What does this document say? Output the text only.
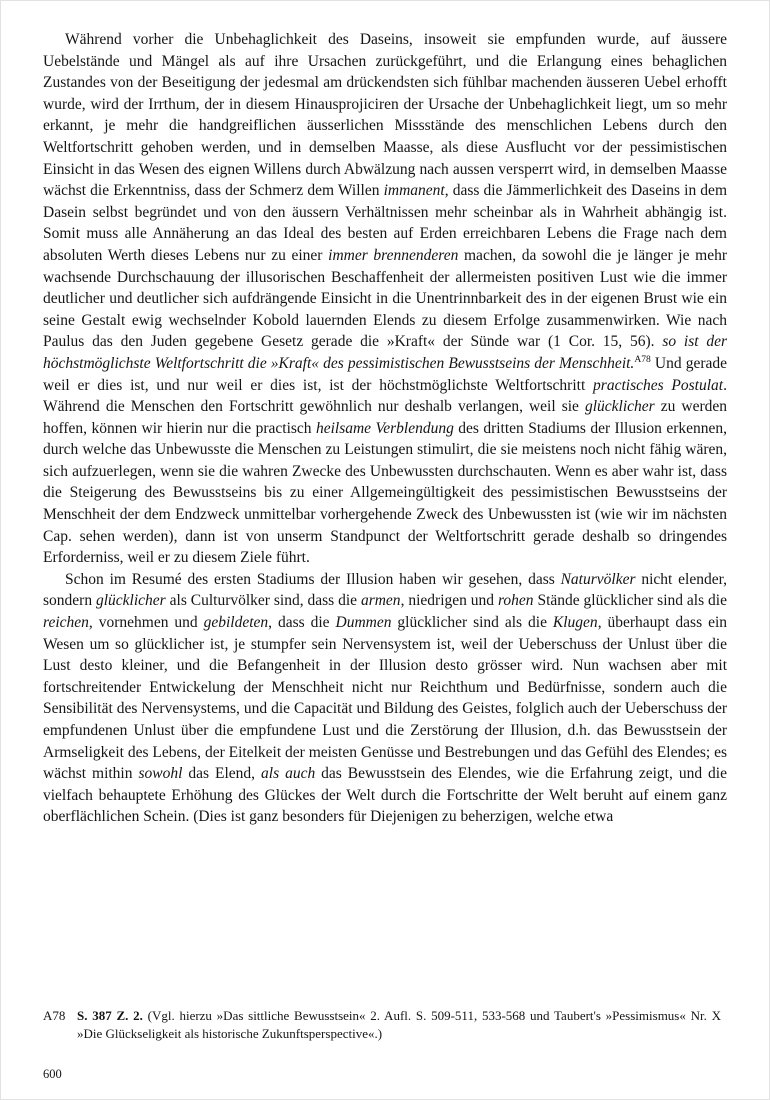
Während vorher die Unbehaglichkeit des Daseins, insoweit sie empfunden wurde, auf äussere Uebelstände und Mängel als auf ihre Ursachen zurückgeführt, und die Erlangung eines behaglichen Zustandes von der Beseitigung der jedesmal am drückendsten sich fühlbar machenden äusseren Uebel erhofft wurde, wird der Irrthum, der in diesem Hinausprojiciren der Ursache der Unbehaglichkeit liegt, um so mehr erkannt, je mehr die handgreiflichen äusserlichen Missstände des menschlichen Lebens durch den Weltfortschritt gehoben werden, und in demselben Maasse, als diese Ausflucht vor der pessimistischen Einsicht in das Wesen des eignen Willens durch Abwälzung nach aussen versperrt wird, in demselben Maasse wächst die Erkenntniss, dass der Schmerz dem Willen immanent, dass die Jämmerlichkeit des Daseins in dem Dasein selbst begründet und von den äussern Verhältnissen mehr scheinbar als in Wahrheit abhängig ist. Somit muss alle Annäherung an das Ideal des besten auf Erden erreichbaren Lebens die Frage nach dem absoluten Werth dieses Lebens nur zu einer immer brennenderen machen, da sowohl die je länger je mehr wachsende Durchschauung der illusorischen Beschaffenheit der allermeisten positiven Lust wie die immer deutlicher und deutlicher sich aufdrängende Einsicht in die Unentrinnbarkeit des in der eigenen Brust wie ein seine Gestalt ewig wechselnder Kobold lauernden Elends zu diesem Erfolge zusammenwirken. Wie nach Paulus das den Juden gegebene Gesetz gerade die »Kraft« der Sünde war (1 Cor. 15, 56). so ist der höchstmöglichste Weltfortschritt die »Kraft« des pessimistischen Bewusstseins der Menschheit.$^{A78}$ Und gerade weil er dies ist, und nur weil er dies ist, ist der höchstmöglichste Weltfortschritt practisches Postulat. Während die Menschen den Fortschritt gewöhnlich nur deshalb verlangen, weil sie glücklicher zu werden hoffen, können wir hierin nur die practisch heilsame Verblendung des dritten Stadiums der Illusion erkennen, durch welche das Unbewusste die Menschen zu Leistungen stimulirt, die sie meistens noch nicht fähig wären, sich aufzuerlegen, wenn sie die wahren Zwecke des Unbewussten durchschauten. Wenn es aber wahr ist, dass die Steigerung des Bewusstseins bis zu einer Allgemeingültigkeit des pessimistischen Bewusstseins der Menschheit der dem Endzweck unmittelbar vorhergehende Zweck des Unbewussten ist (wie wir im nächsten Cap. sehen werden), dann ist von unserm Standpunct der Weltfortschritt gerade deshalb so dringendes Erforderniss, weil er zu diesem Ziele führt.

Schon im Resumé des ersten Stadiums der Illusion haben wir gesehen, dass Naturvölker nicht elender, sondern glücklicher als Culturvölker sind, dass die armen, niedrigen und rohen Stände glücklicher sind als die reichen, vornehmen und gebildeten, dass die Dummen glücklicher sind als die Klugen, überhaupt dass ein Wesen um so glücklicher ist, je stumpfer sein Nervensystem ist, weil der Ueberschuss der Unlust über die Lust desto kleiner, und die Befangenheit in der Illusion desto grösser wird. Nun wachsen aber mit fortschreitender Entwickelung der Menschheit nicht nur Reichthum und Bedürfnisse, sondern auch die Sensibilität des Nervensystems, und die Capacität und Bildung des Geistes, folglich auch der Ueberschuss der empfundenen Unlust über die empfundene Lust und die Zerstörung der Illusion, d.h. das Bewusstsein der Armseligkeit des Lebens, der Eitelkeit der meisten Genüsse und Bestrebungen und das Gefühl des Elendes; es wächst mithin sowohl das Elend, als auch das Bewusstsein des Elendes, wie die Erfahrung zeigt, und die vielfach behauptete Erhöhung des Glückes der Welt durch die Fortschritte der Welt beruht auf einem ganz oberflächlichen Schein. (Dies ist ganz besonders für Diejenigen zu beherzigen, welche etwa

A78 S. 387 Z. 2. (Vgl. hierzu »Das sittliche Bewusstsein« 2. Aufl. S. 509-511, 533-568 und Taubert's »Pessimismus« Nr. X »Die Glückseligkeit als historische Zukunftsperspective«.)
600
